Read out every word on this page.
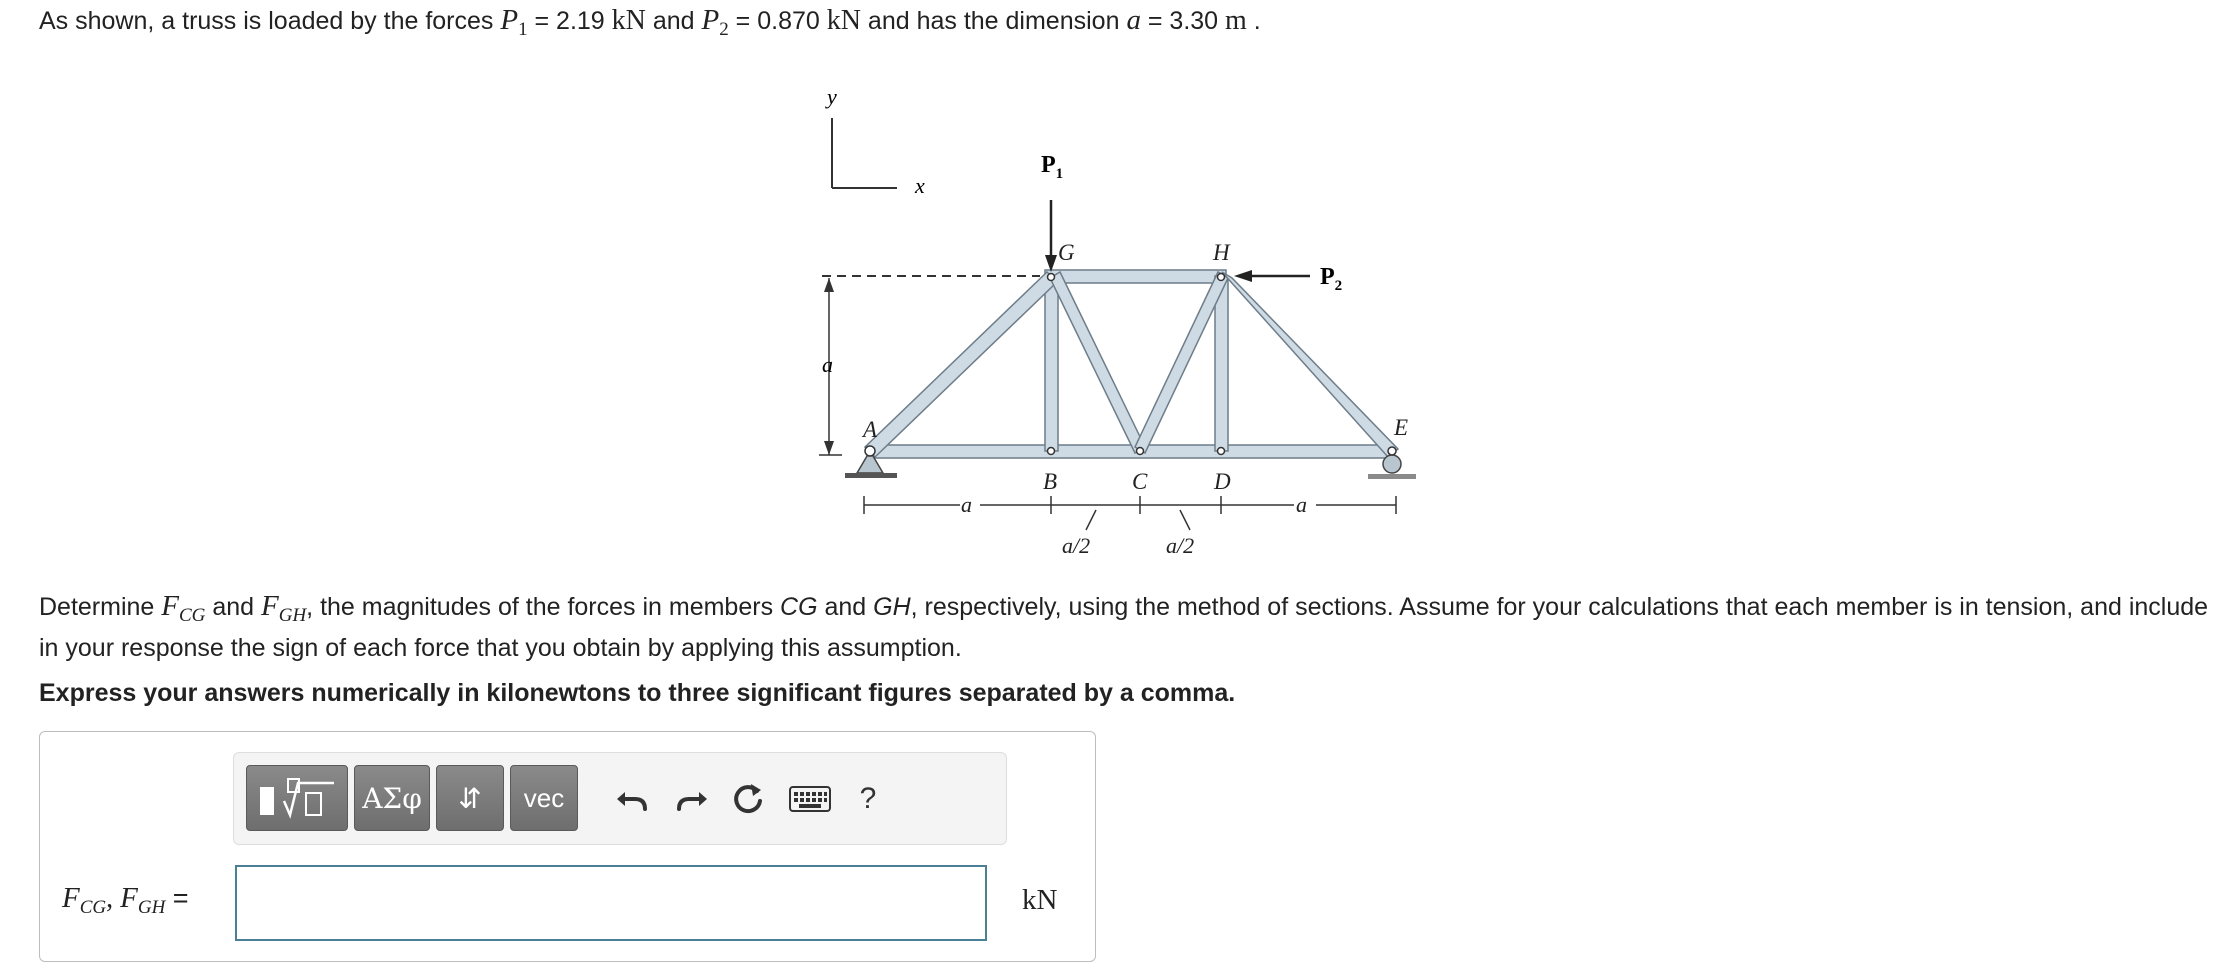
As shown, a truss is loaded by the forces $P_1 = 2.19$ kN and $P_2 = 0.870$ kN and has the dimension a = 3.30 m .
y
x
a
$P_1$
$P_2$
A
B	C	D
E
G	H
a	a
a/2	a/2
Determine $F_{CG}$ and $F_{GH}$, the magnitudes of the forces in members CG and GH, respectively, using the method of sections. Assume for your calculations that each member is in tension, and include in your response the sign of each force that you obtain by applying this assumption.
Express your answers numerically in kilonewtons to three significant figures separated by a comma.
ΑΣφ	⇵	vec	?
$F_{CG}$, $F_{GH}$ =	kN
